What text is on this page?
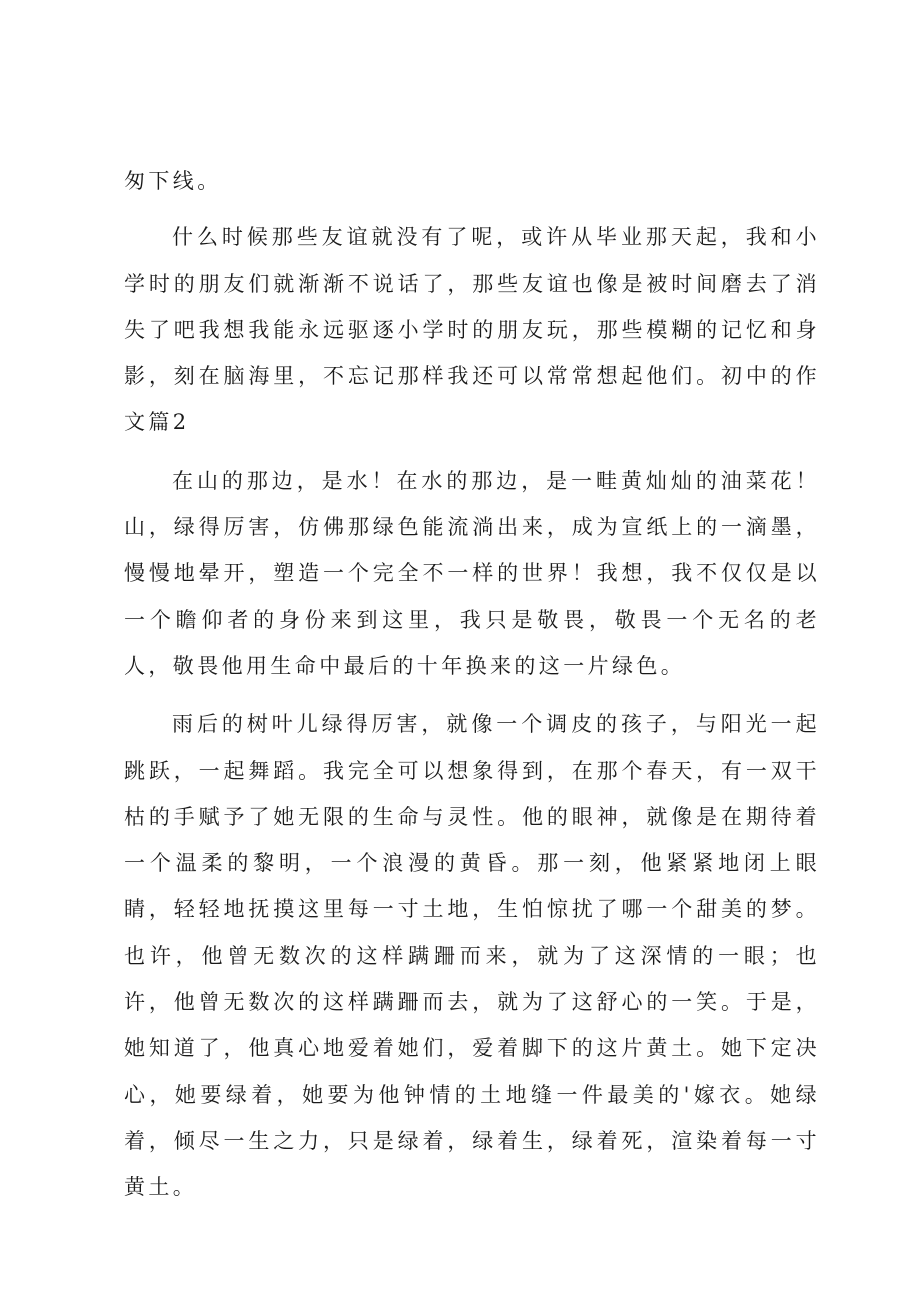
匆下线。

什么时候那些友谊就没有了呢，或许从毕业那天起，我和小学时的朋友们就渐渐不说话了，那些友谊也像是被时间磨去了消失了吧我想我能永远驱逐小学时的朋友玩，那些模糊的记忆和身影，刻在脑海里，不忘记那样我还可以常常想起他们。初中的作文篇2

在山的那边，是水！在水的那边，是一畦黄灿灿的油菜花！山，绿得厉害，仿佛那绿色能流淌出来，成为宣纸上的一滴墨，慢慢地晕开，塑造一个完全不一样的世界！我想，我不仅仅是以一个瞻仰者的身份来到这里，我只是敬畏，敬畏一个无名的老人，敬畏他用生命中最后的十年换来的这一片绿色。

雨后的树叶儿绿得厉害，就像一个调皮的孩子，与阳光一起跳跃，一起舞蹈。我完全可以想象得到，在那个春天，有一双干枯的手赋予了她无限的生命与灵性。他的眼神，就像是在期待着一个温柔的黎明，一个浪漫的黄昏。那一刻，他紧紧地闭上眼睛，轻轻地抚摸这里每一寸土地，生怕惊扰了哪一个甜美的梦。也许，他曾无数次的这样蹒跚而来，就为了这深情的一眼；也许，他曾无数次的这样蹒跚而去，就为了这舒心的一笑。于是，她知道了，他真心地爱着她们，爱着脚下的这片黄土。她下定决心，她要绿着，她要为他钟情的土地缝一件最美的'嫁衣。她绿着，倾尽一生之力，只是绿着，绿着生，绿着死，渲染着每一寸黄土。
